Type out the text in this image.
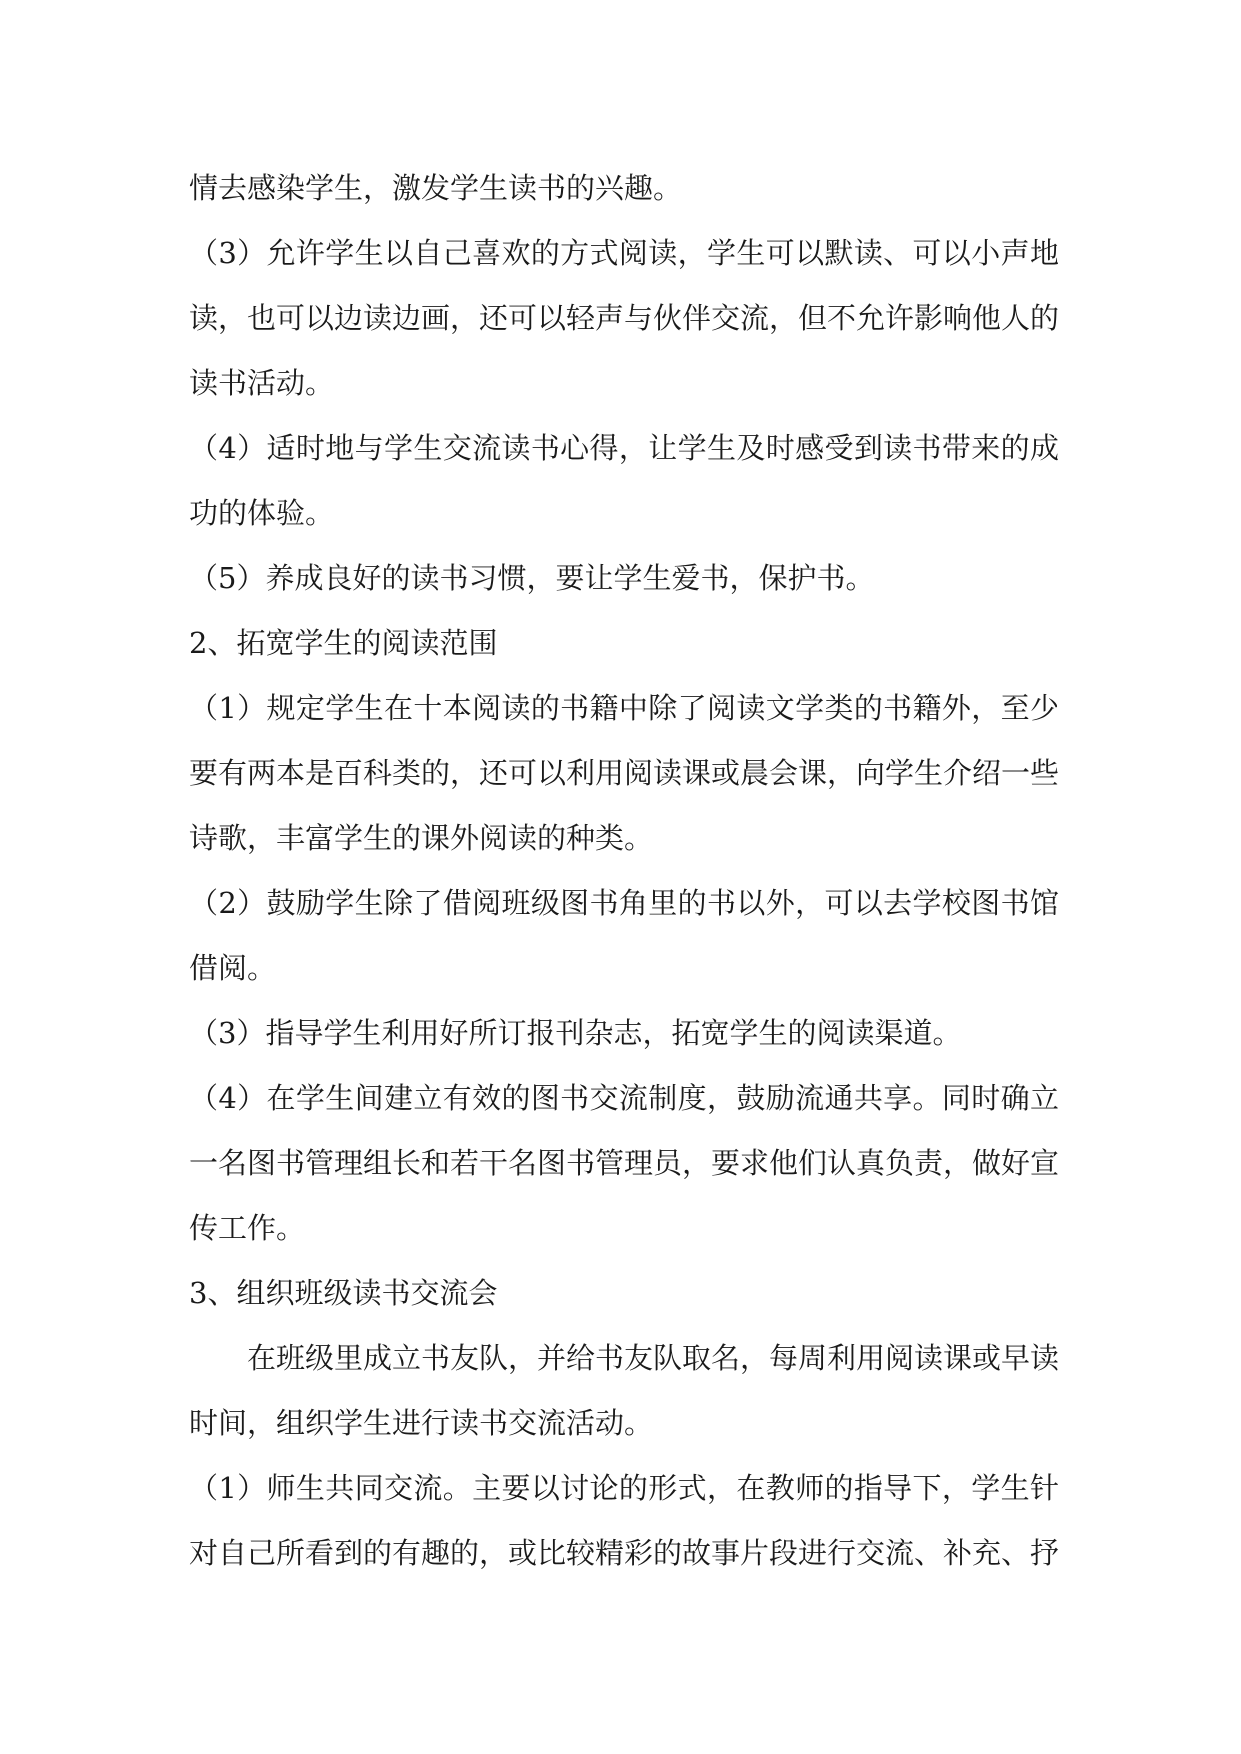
情去感染学生，激发学生读书的兴趣。
（3）允许学生以自己喜欢的方式阅读，学生可以默读、可以小声地
读，也可以边读边画，还可以轻声与伙伴交流，但不允许影响他人的
读书活动。
（4）适时地与学生交流读书心得，让学生及时感受到读书带来的成
功的体验。
（5）养成良好的读书习惯，要让学生爱书，保护书。
2、拓宽学生的阅读范围
（1）规定学生在十本阅读的书籍中除了阅读文学类的书籍外，至少
要有两本是百科类的，还可以利用阅读课或晨会课，向学生介绍一些
诗歌，丰富学生的课外阅读的种类。
（2）鼓励学生除了借阅班级图书角里的书以外，可以去学校图书馆
借阅。
（3）指导学生利用好所订报刊杂志，拓宽学生的阅读渠道。
（4）在学生间建立有效的图书交流制度，鼓励流通共享。同时确立
一名图书管理组长和若干名图书管理员，要求他们认真负责，做好宣
传工作。
3、组织班级读书交流会
在班级里成立书友队，并给书友队取名，每周利用阅读课或早读
时间，组织学生进行读书交流活动。
（1）师生共同交流。主要以讨论的形式，在教师的指导下，学生针
对自己所看到的有趣的，或比较精彩的故事片段进行交流、补充、抒
